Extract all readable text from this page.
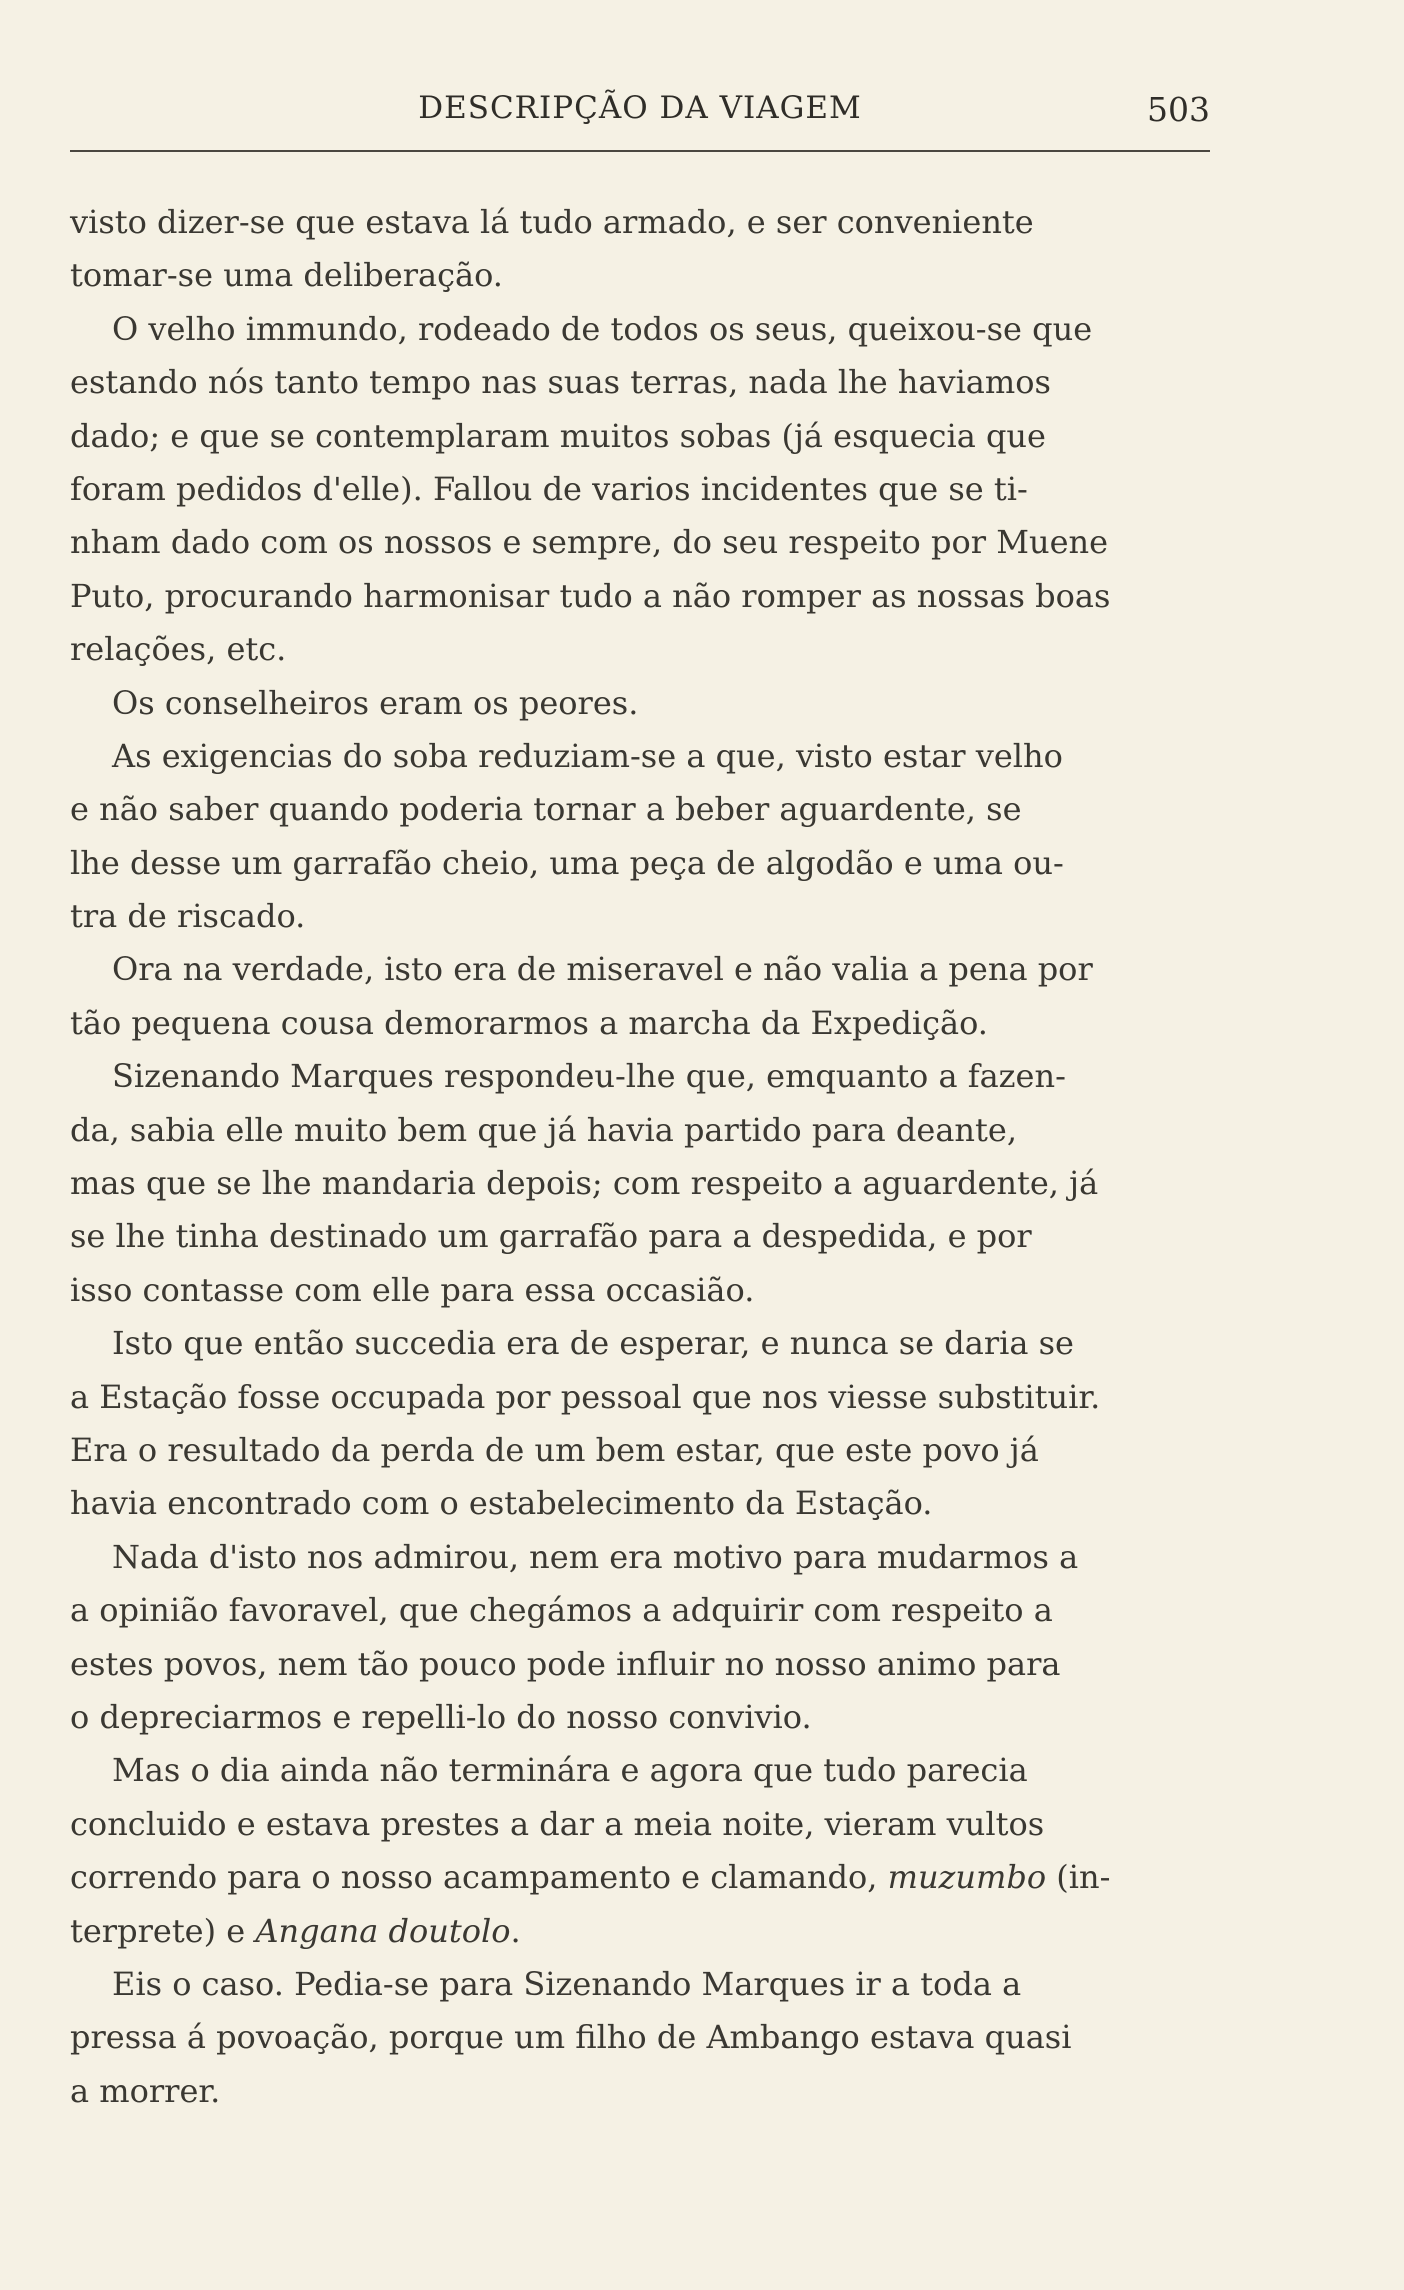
DESCRIPÇÃO DA VIAGEM	503
visto dizer-se que estava lá tudo armado, e ser conveniente
tomar-se uma deliberação.
O velho immundo, rodeado de todos os seus, queixou-se que
estando nós tanto tempo nas suas terras, nada lhe haviamos
dado; e que se contemplaram muitos sobas (já esquecia que
foram pedidos d'elle). Fallou de varios incidentes que se ti-
nham dado com os nossos e sempre, do seu respeito por Muene
Puto, procurando harmonisar tudo a não romper as nossas boas
relações, etc.
Os conselheiros eram os peores.
As exigencias do soba reduziam-se a que, visto estar velho
e não saber quando poderia tornar a beber aguardente, se
lhe desse um garrafão cheio, uma peça de algodão e uma ou-
tra de riscado.
Ora na verdade, isto era de miseravel e não valia a pena por
tão pequena cousa demorarmos a marcha da Expedição.
Sizenando Marques respondeu-lhe que, emquanto a fazen-
da, sabia elle muito bem que já havia partido para deante,
mas que se lhe mandaria depois; com respeito a aguardente, já
se lhe tinha destinado um garrafão para a despedida, e por
isso contasse com elle para essa occasião.
Isto que então succedia era de esperar, e nunca se daria se
a Estação fosse occupada por pessoal que nos viesse substituir.
Era o resultado da perda de um bem estar, que este povo já
havia encontrado com o estabelecimento da Estação.
Nada d'isto nos admirou, nem era motivo para mudarmos a
a opinião favoravel, que chegámos a adquirir com respeito a
estes povos, nem tão pouco pode influir no nosso animo para
o depreciarmos e repelli-lo do nosso convivio.
Mas o dia ainda não terminára e agora que tudo parecia
concluido e estava prestes a dar a meia noite, vieram vultos
correndo para o nosso acampamento e clamando, muzumbo (in-
terprete) e Angana doutolo.
Eis o caso. Pedia-se para Sizenando Marques ir a toda a
pressa á povoação, porque um filho de Ambango estava quasi
a morrer.
